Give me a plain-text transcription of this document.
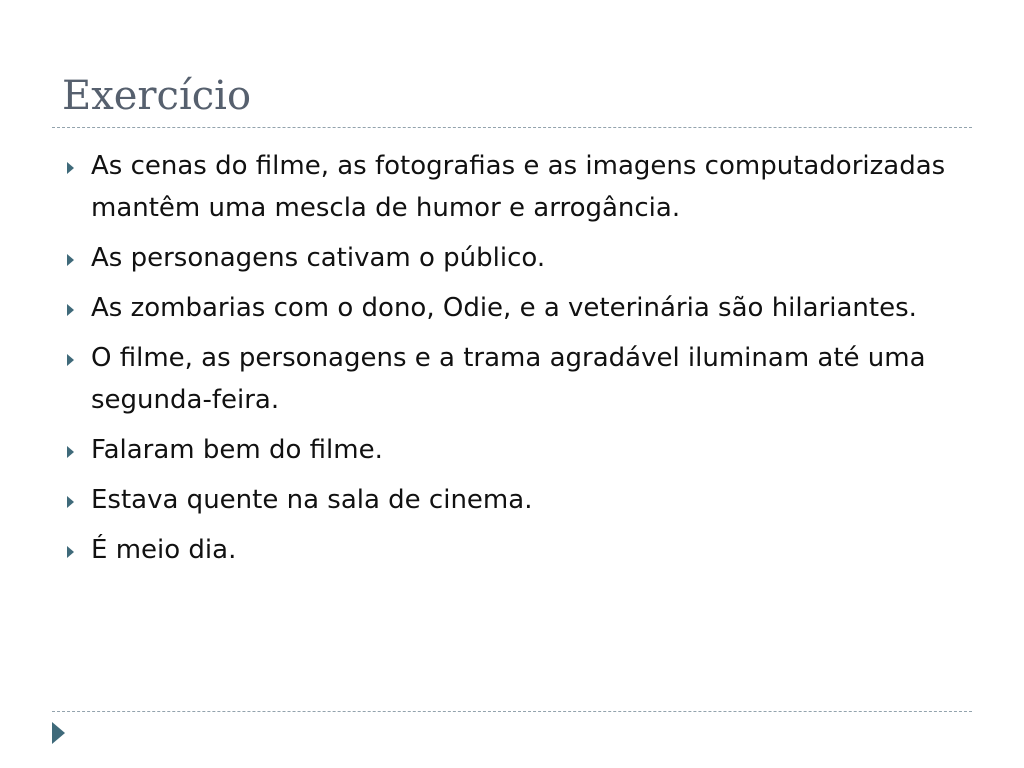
Exercício
As cenas do filme, as fotografias e as imagens computadorizadas mantêm uma mescla de humor e arrogância.
As personagens cativam o público.
As zombarias com o dono, Odie, e a veterinária são hilariantes.
O filme, as personagens e a trama agradável iluminam até uma segunda-feira.
Falaram bem do filme.
Estava quente na sala de cinema.
É meio dia.
